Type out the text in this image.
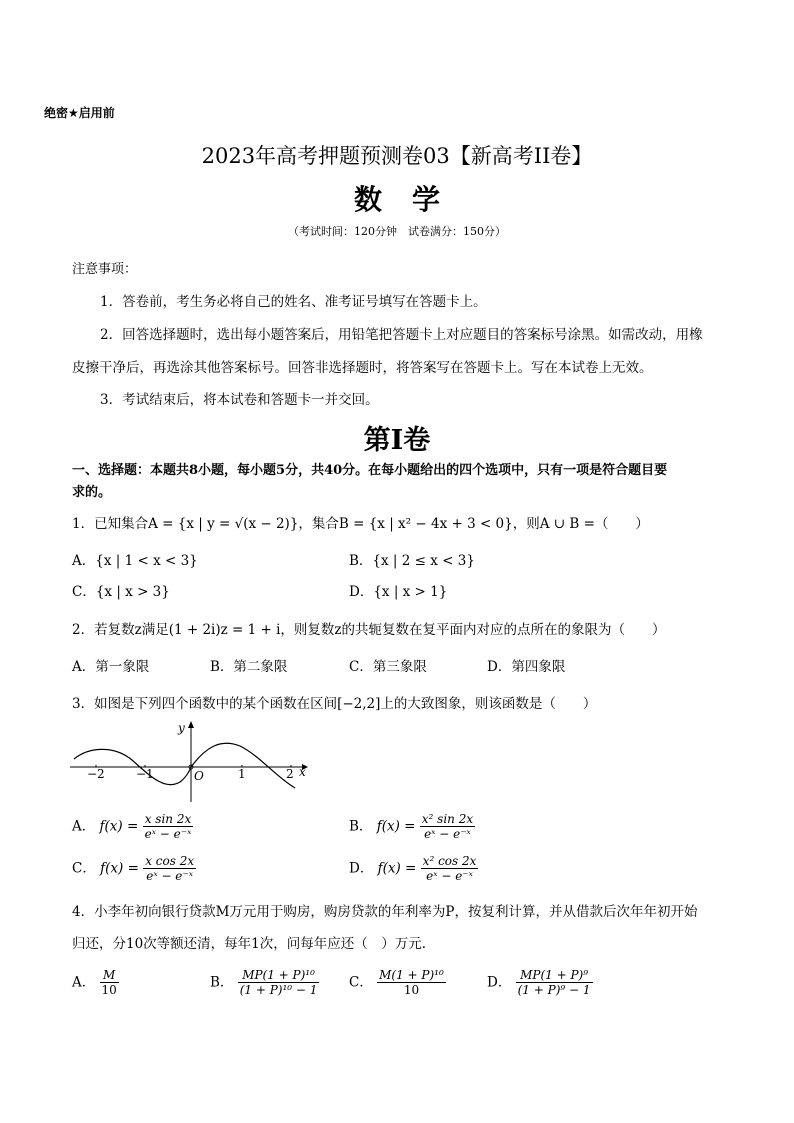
绝密★启用前
2023年高考押题预测卷03【新高考II卷】
数学
（考试时间：120分钟　试卷满分：150分）
注意事项：
1．答卷前，考生务必将自己的姓名、准考证号填写在答题卡上。
2．回答选择题时，选出每小题答案后，用铅笔把答题卡上对应题目的答案标号涂黑。如需改动，用橡
皮擦干净后，再选涂其他答案标号。回答非选择题时，将答案写在答题卡上。写在本试卷上无效。
3．考试结束后，将本试卷和答题卡一并交回。
第Ⅰ卷
一、选择题：本题共8小题，每小题5分，共40分。在每小题给出的四个选项中，只有一项是符合题目要
求的。
1．已知集合A = {x | y = √(x − 2)}，集合B = {x | x² − 4x + 3 < 0}，则A ∪ B =（　　）
A．{x | 1 < x < 3}	B．{x | 2 ≤ x < 3}
C．{x | x > 3}	D．{x | x > 1}
2．若复数z满足(1 + 2i)z = 1 + i，则复数z的共轭复数在复平面内对应的点所在的象限为（　　）
A．第一象限	B．第二象限	C．第三象限	D．第四象限
3．如图是下列四个函数中的某个函数在区间[−2,2]上的大致图象，则该函数是（　　）
y
x
O
−2	−1	1	2
A． $f(x) = \frac{\text{x sin 2x}}{\text{eˣ − e⁻ˣ}}$	B． $f(x) = \frac{\text{x² sin 2x}}{\text{eˣ − e⁻ˣ}}$
C． $f(x) = \frac{\text{x cos 2x}}{\text{eˣ − e⁻ˣ}}$	D． $f(x) = \frac{\text{x² cos 2x}}{\text{eˣ − e⁻ˣ}}$
4．小李年初向银行贷款M万元用于购房，购房贷款的年利率为P，按复利计算，并从借款后次年年初开始
归还，分10次等额还清，每年1次，问每年应还（　）万元.
A． $\frac{M}{10}$	B． $\frac{\text{MP(1 + P)¹⁰}}{\text{(1 + P)¹⁰ − 1}}$ C． $\frac{\text{M(1 + P)¹⁰}}{10}$	D． $\frac{\text{MP(1 + P)⁹}}{\text{(1 + P)⁹ − 1}}$
